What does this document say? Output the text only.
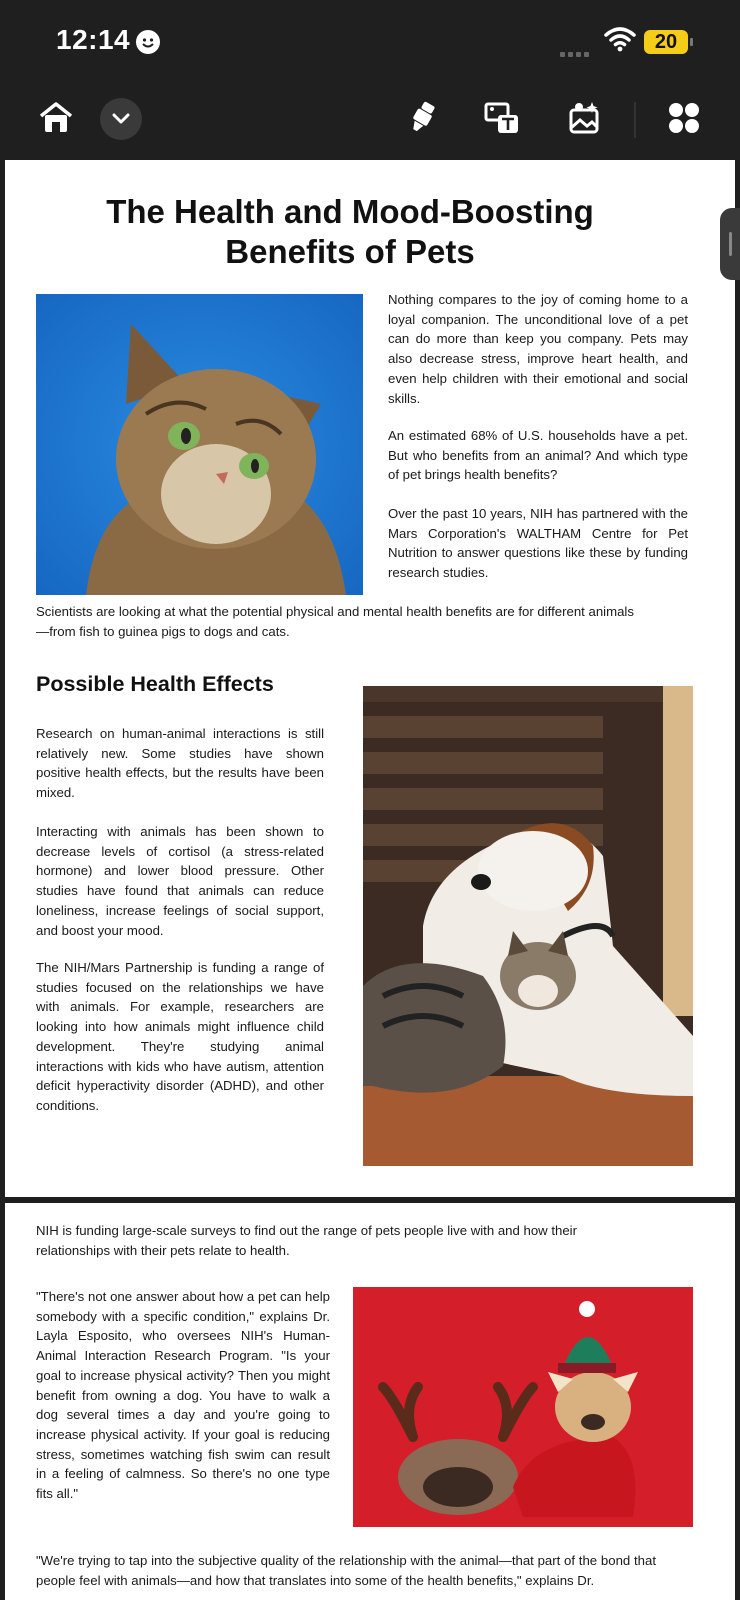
12:14	20
The Health and Mood-Boosting
Benefits of Pets

Nothing compares to the joy of coming home to a loyal companion. The unconditional love of a pet can do more than keep you company. Pets may also decrease stress, improve heart health, and even help children with their emotional and social skills.

An estimated 68% of U.S. households have a pet. But who benefits from an animal? And which type of pet brings health benefits?

Over the past 10 years, NIH has partnered with the Mars Corporation's WALTHAM Centre for Pet Nutrition to answer questions like these by funding research studies.

Scientists are looking at what the potential physical and mental health benefits are for different animals—from fish to guinea pigs to dogs and cats.

Possible Health Effects

Research on human-animal interactions is still relatively new. Some studies have shown positive health effects, but the results have been mixed.

Interacting with animals has been shown to decrease levels of cortisol (a stress-related hormone) and lower blood pressure. Other studies have found that animals can reduce loneliness, increase feelings of social support, and boost your mood.

The NIH/Mars Partnership is funding a range of studies focused on the relationships we have with animals. For example, researchers are looking into how animals might influence child development. They're studying animal interactions with kids who have autism, attention deficit hyperactivity disorder (ADHD), and other conditions.

NIH is funding large-scale surveys to find out the range of pets people live with and how their relationships with their pets relate to health.

"There's not one answer about how a pet can help somebody with a specific condition," explains Dr. Layla Esposito, who oversees NIH's Human-Animal Interaction Research Program. "Is your goal to increase physical activity? Then you might benefit from owning a dog. You have to walk a dog several times a day and you're going to increase physical activity. If your goal is reducing stress, sometimes watching fish swim can result in a feeling of calmness. So there's no one type fits all."

"We're trying to tap into the subjective quality of the relationship with the animal—that part of the bond that people feel with animals—and how that translates into some of the health benefits," explains Dr.
